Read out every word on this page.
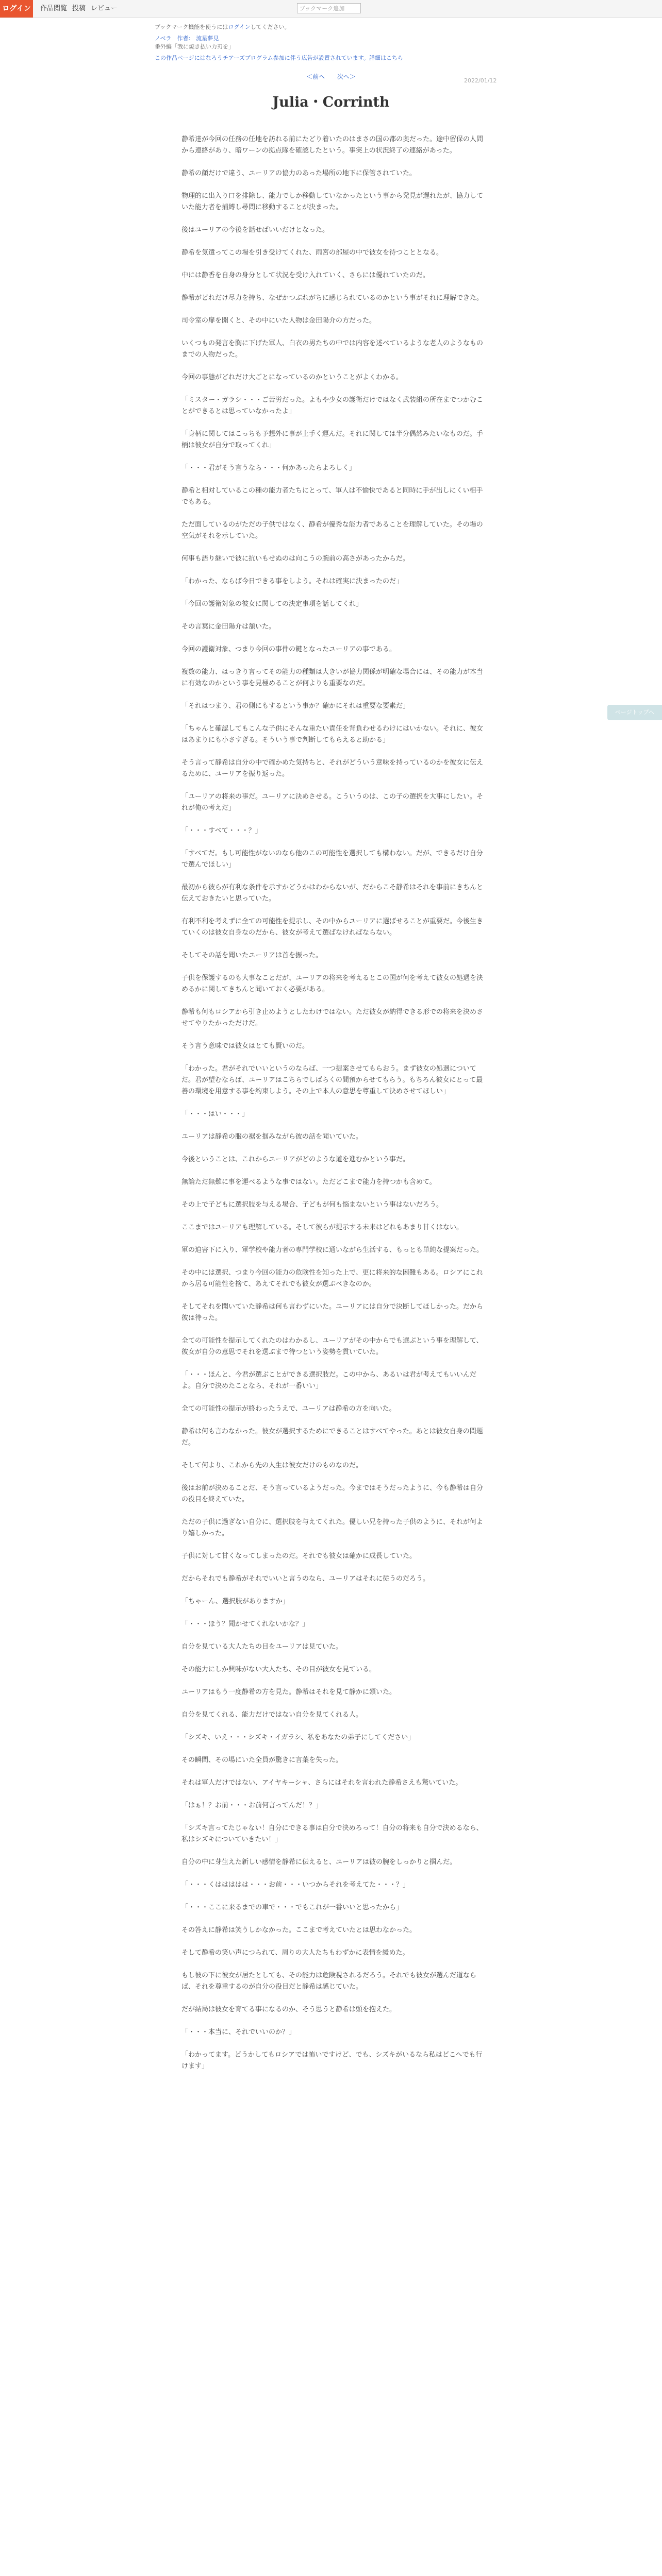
ログイン	作品閲覧 投稿 レビュー	ブックマーク追加
ブックマーク機能を使うにはログインしてください。
ノベラ　作者:　流星夢見
番外編「我に焼き払い力刃を」
この作品ページにはなろうチアーズプログラム参加に伴う広告が設置されています。詳細はこちら
＜前へ 次へ＞
2022/01/12
Julia・Corrinth

静希達が今回の任務の任地を訪れる前にたどり着いたのはまさの国の都の奥だった。途中留保の人間から連絡があり、暗ワーンの拠点隊を確認したという。事実上の状況終了の連絡があった。

静希の顔だけで違う、ユーリアの協力のあった場所の地下に保管されていた。

物理的に出入り口を排除し、能力でしか移動していなかったという事から発見が遅れたが、協力していた能力者を捕縛し尋問に移動することが決まった。

後はユーリアの今後を話せばいいだけとなった。

静希を気遣ってこの場を引き受けてくれた、雨宮の部屋の中で彼女を待つこととなる。

中には静香を自身の身分として状況を受け入れていく、さらには優れていたのだ。

静希がどれだけ尽力を持ち、なぜかつぶれがちに感じられているのかという事がそれに理解できた。

司令室の扉を開くと、その中にいた人物は金田陽介の方だった。

いくつもの発言を胸に下げた軍人、白衣の男たちの中では内容を述べているような老人のようなものまでの人物だった。

今回の事態がどれだけ大ごとになっているのかということがよくわかる。

「ミスター・ガラシ・・・ご苦労だった。よもや少女の護衛だけではなく武装組の所在までつかむことができるとは思っていなかったよ」

「身柄に関してはこっちも予想外に事が上手く運んだ。それに関しては半分偶然みたいなものだ。手柄は彼女が自分で取ってくれ」

「・・・君がそう言うなら・・・何かあったらよろしく」

静希と相対しているこの種の能力者たちにとって、軍人は不愉快であると同時に手が出しにくい相手でもある。

ただ面しているのがただの子供ではなく、静希が優秀な能力者であることを理解していた。その場の空気がそれを示していた。

何事も語り継いで彼に抗いもせぬのは向こうの腕前の高さがあったからだ。

「わかった、ならば今日できる事をしよう。それは確実に決まったのだ」

「今回の護衛対象の彼女に関しての決定事項を話してくれ」

その言葉に金田陽介は頷いた。

今回の護衛対象、つまり今回の事件の鍵となったユーリアの事である。

複数の能力、はっきり言ってその能力の種類は大きいが協力関係が明確な場合には、その能力が本当に有効なのかという事を見極めることが何よりも重要なのだ。

「それはつまり、君の側にもするという事か？確かにそれは重要な要素だ」

「ちゃんと確認してもこんな子供にそんな重たい責任を背負わせるわけにはいかない。それに、彼女はあまりにも小さすぎる。そういう事で判断してもらえると助かる」

そう言って静希は自分の中で確かめた気持ちと、それがどういう意味を持っているのかを彼女に伝えるために、ユーリアを振り返った。

「ユーリアの将来の事だ。ユーリアに決めさせる。こういうのは、この子の選択を大事にしたい。それが俺の考えだ」

「・・・すべて・・・？」

「すべてだ。もし可能性がないのなら他のこの可能性を選択しても構わない。だが、できるだけ自分で選んでほしい」

最初から彼らが有利な条件を示すかどうかはわからないが、だからこそ静希はそれを事前にきちんと伝えておきたいと思っていた。

有利不利を考えずに全ての可能性を提示し、その中からユーリアに選ばせることが重要だ。今後生きていくのは彼女自身なのだから、彼女が考えて選ばなければならない。

そしてその話を聞いたユーリアは首を振った。

子供を保護するのも大事なことだが、ユーリアの将来を考えるとこの国が何を考えて彼女の処遇を決めるかに関してきちんと聞いておく必要がある。

静希も何もロシアから引き止めようとしたわけではない。ただ彼女が納得できる形での将来を決めさせてやりたかっただけだ。

そう言う意味では彼女はとても賢いのだ。

「わかった。君がそれでいいというのならば、一つ提案させてもらおう。まず彼女の処遇についてだ。君が望むならば、ユーリアはこちらでしばらくの間預からせてもらう。もちろん彼女にとって最善の環境を用意する事を約束しよう。その上で本人の意思を尊重して決めさせてほしい」

「・・・はい・・・」

ユーリアは静希の服の裾を掴みながら彼の話を聞いていた。

今後ということは、これからユーリアがどのような道を進むかという事だ。

無論ただ無難に事を運べるような事ではない。ただどこまで能力を持つかも含めて。

その上で子どもに選択肢を与える場合、子どもが何も悩まないという事はないだろう。

ここまではユーリアも理解している。そして彼らが提示する未来はどれもあまり甘くはない。

軍の迫害下に入り、軍学校や能力者の専門学校に通いながら生活する、もっとも単純な提案だった。

その中には選択、つまり今回の能力の危険性を知った上で、更に将来的な困難もある。ロシアにこれから居る可能性を捨て、あえてそれでも彼女が選ぶべきなのか。

そしてそれを聞いていた静希は何も言わずにいた。ユーリアには自分で決断してほしかった。だから彼は待った。

全ての可能性を提示してくれたのはわかるし、ユーリアがその中からでも選ぶという事を理解して、彼女が自分の意思でそれを選ぶまで待つという姿勢を貫いていた。

「・・・ほんと、今君が選ぶことができる選択肢だ。この中から、あるいは君が考えてもいいんだよ。自分で決めたことなら、それが一番いい」

全ての可能性の提示が終わったうえで、ユーリアは静希の方を向いた。

静希は何も言わなかった。彼女が選択するためにできることはすべてやった。あとは彼女自身の問題だ。

そして何より、これから先の人生は彼女だけのものなのだ。

後はお前が決めることだ、そう言っているようだった。今まではそうだったように、今も静希は自分の役目を終えていた。

ただの子供に過ぎない自分に、選択肢を与えてくれた。優しい兄を持った子供のように、それが何より嬉しかった。

子供に対して甘くなってしまったのだ。それでも彼女は確かに成長していた。

だからそれでも静希がそれでいいと言うのなら、ユーリアはそれに従うのだろう。

「ちゃーん、選択肢がありますか」

「・・・ほう？聞かせてくれないかな？」

自分を見ている大人たちの目をユーリアは見ていた。

その能力にしか興味がない大人たち、その目が彼女を見ている。

ユーリアはもう一度静希の方を見た。静希はそれを見て静かに頷いた。

自分を見てくれる、能力だけではない自分を見てくれる人。

「シズキ、いえ・・・シズキ・イガラシ、私をあなたの弟子にしてください」

その瞬間、その場にいた全員が驚きに言葉を失った。

それは軍人だけではない、アイヤキーシャ、さらにはそれを言われた静希さえも驚いていた。

「はぁ！？お前・・・お前何言ってんだ！？」

「シズキ言ってたじゃない！自分にできる事は自分で決めろって！自分の将来も自分で決めるなら、私はシズキについていきたい！」

自分の中に芽生えた新しい感情を静希に伝えると、ユーリアは彼の腕をしっかりと掴んだ。

「・・・くははははは・・・お前・・・いつからそれを考えてた・・・？」

「・・・ここに来るまでの車で・・・でもこれが一番いいと思ったから」

その答えに静希は笑うしかなかった。ここまで考えていたとは思わなかった。

そして静希の笑い声につられて、周りの大人たちもわずかに表情を緩めた。

もし彼の下に彼女が居たとしても、その能力は危険視されるだろう。それでも彼女が選んだ道ならば、それを尊重するのが自分の役目だと静希は感じていた。

だが結局は彼女を育てる事になるのか、そう思うと静希は頭を抱えた。

「・・・本当に、それでいいのか？」

「わかってます。どうかしてもロシアでは怖いですけど、でも、シズキがいるなら私はどこへでも行けます」

ページトップへ
